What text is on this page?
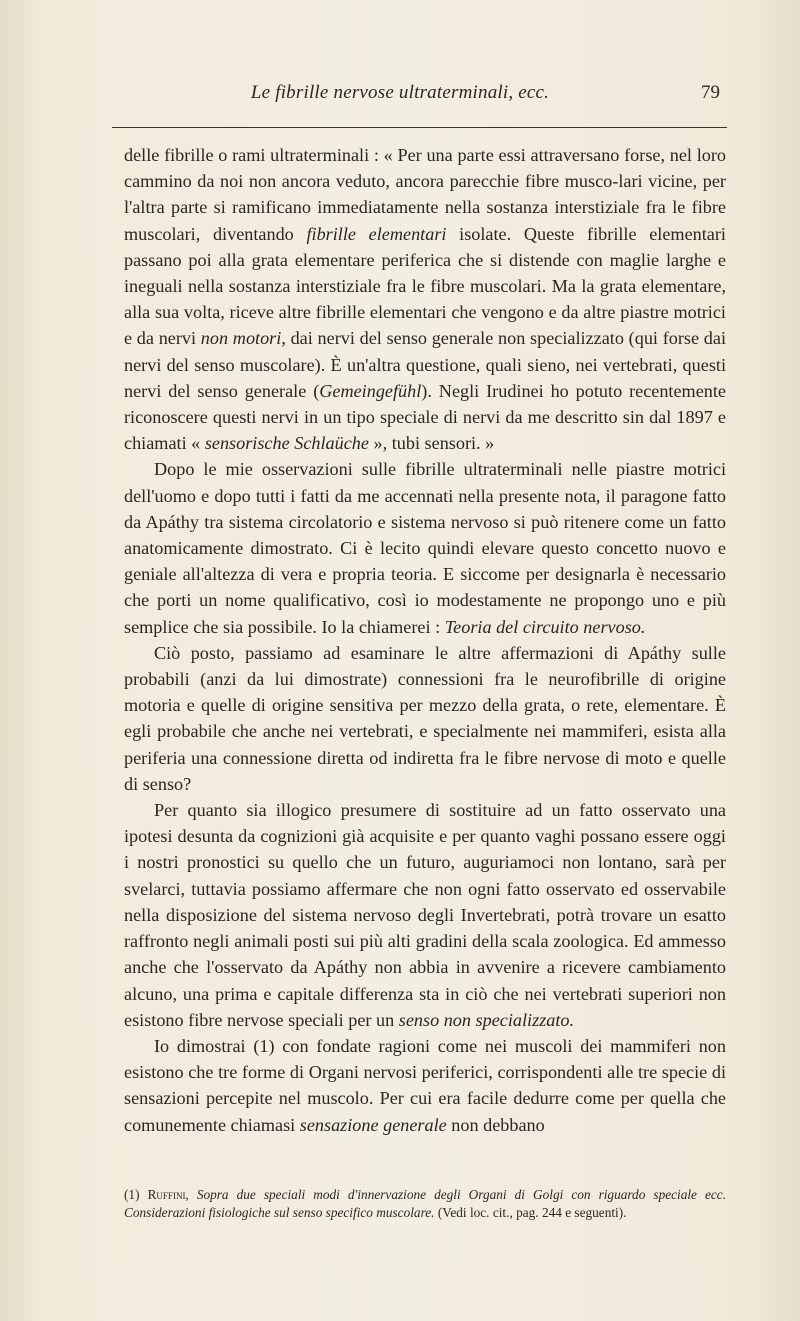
Le fibrille nervose ultraterminali, ecc.	79

delle fibrille o rami ultraterminali : « Per una parte essi attraversano forse, nel loro cammino da noi non ancora veduto, ancora parecchie fibre musco-lari vicine, per l'altra parte si ramificano immediatamente nella sostanza interstiziale fra le fibre muscolari, diventando fibrille elementari isolate. Queste fibrille elementari passano poi alla grata elementare periferica che si distende con maglie larghe e ineguali nella sostanza interstiziale fra le fibre muscolari. Ma la grata elementare, alla sua volta, riceve altre fibrille elementari che vengono e da altre piastre motrici e da nervi non motori, dai nervi del senso generale non specializzato (qui forse dai nervi del senso muscolare). È un'altra questione, quali sieno, nei vertebrati, questi nervi del senso generale (Gemeingefühl). Negli Irudinei ho potuto recentemente riconoscere questi nervi in un tipo speciale di nervi da me descritto sin dal 1897 e chiamati « sensorische Schlaüche », tubi sensori. »

Dopo le mie osservazioni sulle fibrille ultraterminali nelle piastre motrici dell'uomo e dopo tutti i fatti da me accennati nella presente nota, il paragone fatto da Apáthy tra sistema circolatorio e sistema nervoso si può ritenere come un fatto anatomicamente dimostrato. Ci è lecito quindi elevare questo concetto nuovo e geniale all'altezza di vera e propria teoria. E siccome per designarla è necessario che porti un nome qualificativo, così io modestamente ne propongo uno e più semplice che sia possibile. Io la chiamerei : Teoria del circuito nervoso.

Ciò posto, passiamo ad esaminare le altre affermazioni di Apáthy sulle probabili (anzi da lui dimostrate) connessioni fra le neurofibrille di origine motoria e quelle di origine sensitiva per mezzo della grata, o rete, elementare. È egli probabile che anche nei vertebrati, e specialmente nei mammiferi, esista alla periferia una connessione diretta od indiretta fra le fibre nervose di moto e quelle di senso?

Per quanto sia illogico presumere di sostituire ad un fatto osservato una ipotesi desunta da cognizioni già acquisite e per quanto vaghi possano essere oggi i nostri pronostici su quello che un futuro, auguriamoci non lontano, sarà per svelarci, tuttavia possiamo affermare che non ogni fatto osservato ed osservabile nella disposizione del sistema nervoso degli Invertebrati, potrà trovare un esatto raffronto negli animali posti sui più alti gradini della scala zoologica. Ed ammesso anche che l'osservato da Apáthy non abbia in avvenire a ricevere cambiamento alcuno, una prima e capitale differenza sta in ciò che nei vertebrati superiori non esistono fibre nervose speciali per un senso non specializzato.

Io dimostrai (1) con fondate ragioni come nei muscoli dei mammiferi non esistono che tre forme di Organi nervosi periferici, corrispondenti alle tre specie di sensazioni percepite nel muscolo. Per cui era facile dedurre come per quella che comunemente chiamasi sensazione generale non debbano

(1) Ruffini, Sopra due speciali modi d'innervazione degli Organi di Golgi con riguardo speciale ecc. Considerazioni fisiologiche sul senso specifico muscolare. (Vedi loc. cit., pag. 244 e seguenti).
